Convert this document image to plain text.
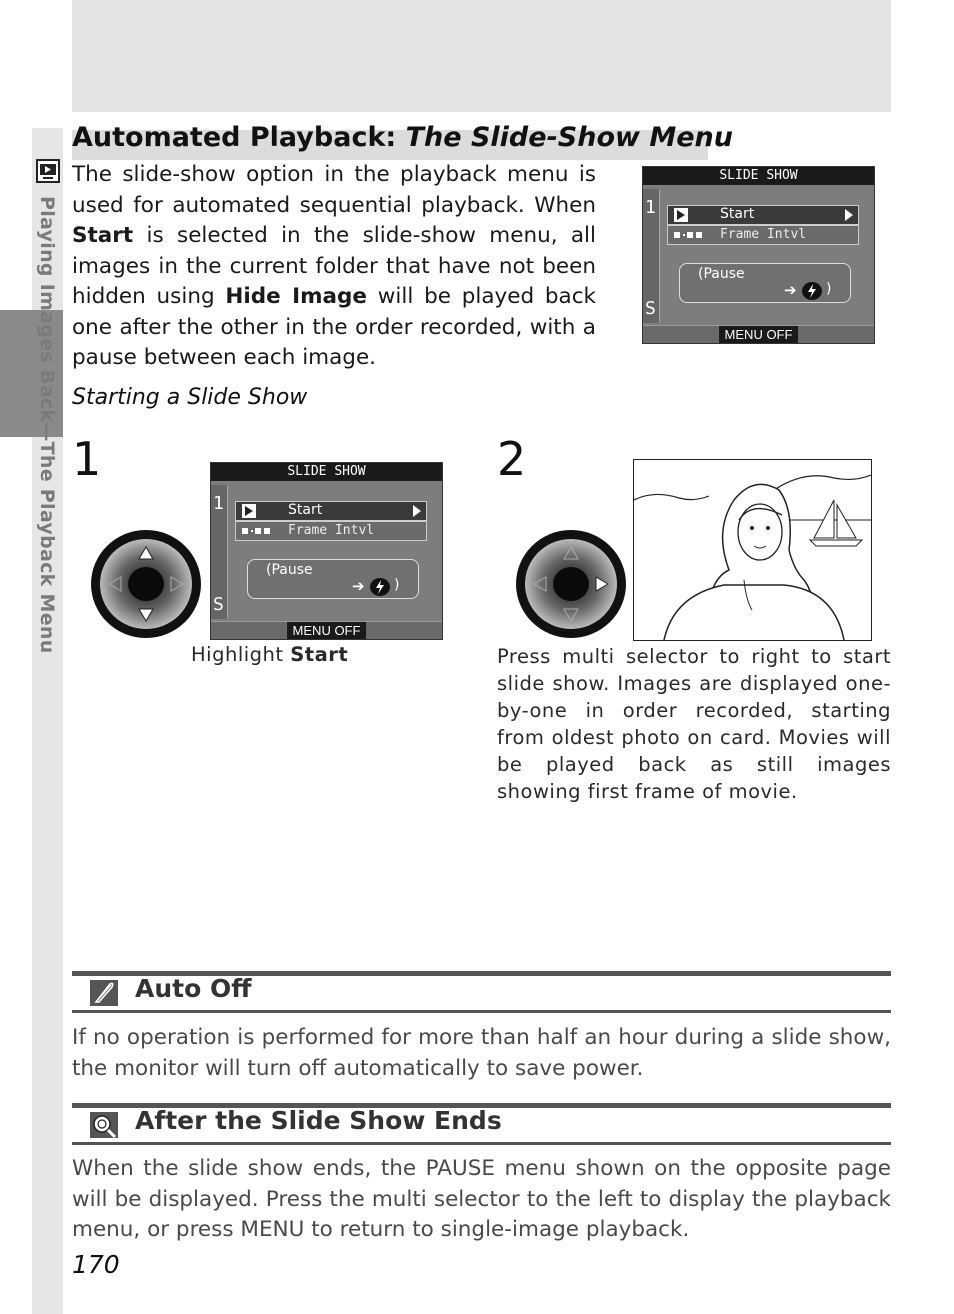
Playing Images Back—The Playback Menu
Automated Playback: The Slide-Show Menu
The slide-show option in the playback menu is used for automated sequential playback. When Start is selected in the slide-show menu, all images in the current folder that have not been hidden using Hide Image will be played back one after the other in the order recorded, with a pause between each image.
SLIDE SHOW
1
S
Start
Frame Intvl
(Pause
➔ )
MENU OFF
Starting a Slide Show
1	SLIDE SHOW
1
S
Start
Frame Intvl
(Pause
➔ )
MENU OFF
Highlight Start
2
Press multi selector to right to start slide show. Images are displayed one-by-one in order recorded, starting from oldest photo on card. Movies will be played back as still images showing first frame of movie.
Auto Off
If no operation is performed for more than half an hour during a slide show, the monitor will turn off automatically to save power.
After the Slide Show Ends
When the slide show ends, the PAUSE menu shown on the opposite page will be displayed. Press the multi selector to the left to display the playback menu, or press MENU to return to single-image playback.
170
